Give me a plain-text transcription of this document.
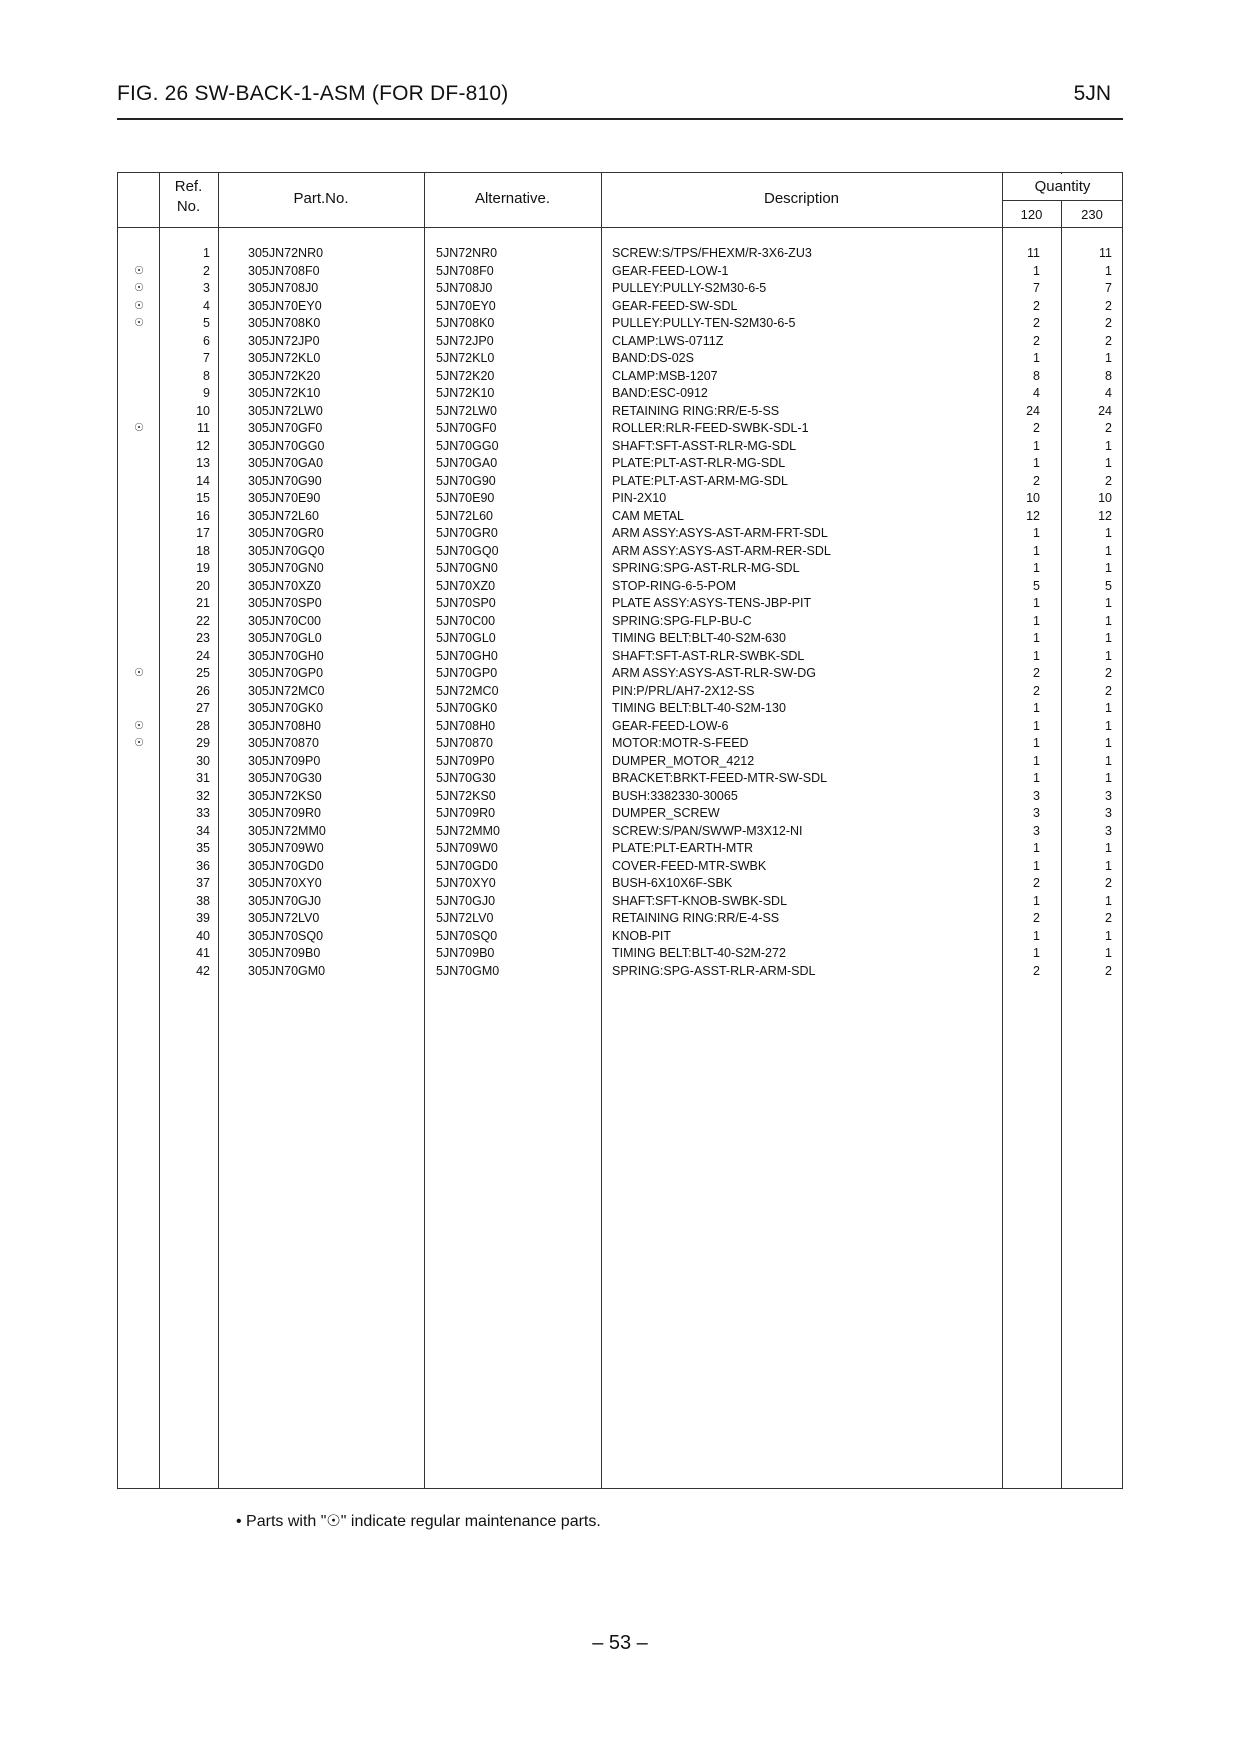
FIG. 26 SW-BACK-1-ASM (FOR DF-810)	5JN
Ref.
No.	Part.No.	Alternative.	Description
Quantity
120	230
1	305JN72NR0	5JN72NR0	SCREW:S/TPS/FHEXM/R-3X6-ZU3	11	11
☉	2	305JN708F0	5JN708F0	GEAR-FEED-LOW-1	1	1
☉	3	305JN708J0	5JN708J0	PULLEY:PULLY-S2M30-6-5	7	7
☉	4	305JN70EY0	5JN70EY0	GEAR-FEED-SW-SDL	2	2
☉	5	305JN708K0	5JN708K0	PULLEY:PULLY-TEN-S2M30-6-5	2	2
6	305JN72JP0	5JN72JP0	CLAMP:LWS-0711Z	2	2
7	305JN72KL0	5JN72KL0	BAND:DS-02S	1	1
8	305JN72K20	5JN72K20	CLAMP:MSB-1207	8	8
9	305JN72K10	5JN72K10	BAND:ESC-0912	4	4
10	305JN72LW0	5JN72LW0	RETAINING RING:RR/E-5-SS	24	24
☉	11	305JN70GF0	5JN70GF0	ROLLER:RLR-FEED-SWBK-SDL-1	2	2
12	305JN70GG0	5JN70GG0	SHAFT:SFT-ASST-RLR-MG-SDL	1	1
13	305JN70GA0	5JN70GA0	PLATE:PLT-AST-RLR-MG-SDL	1	1
14	305JN70G90	5JN70G90	PLATE:PLT-AST-ARM-MG-SDL	2	2
15	305JN70E90	5JN70E90	PIN-2X10	10	10
16	305JN72L60	5JN72L60	CAM METAL	12	12
17	305JN70GR0	5JN70GR0	ARM ASSY:ASYS-AST-ARM-FRT-SDL	1	1
18	305JN70GQ0	5JN70GQ0	ARM ASSY:ASYS-AST-ARM-RER-SDL	1	1
19	305JN70GN0	5JN70GN0	SPRING:SPG-AST-RLR-MG-SDL	1	1
20	305JN70XZ0	5JN70XZ0	STOP-RING-6-5-POM	5	5
21	305JN70SP0	5JN70SP0	PLATE ASSY:ASYS-TENS-JBP-PIT	1	1
22	305JN70C00	5JN70C00	SPRING:SPG-FLP-BU-C	1	1
23	305JN70GL0	5JN70GL0	TIMING BELT:BLT-40-S2M-630	1	1
24	305JN70GH0	5JN70GH0	SHAFT:SFT-AST-RLR-SWBK-SDL	1	1
☉	25	305JN70GP0	5JN70GP0	ARM ASSY:ASYS-AST-RLR-SW-DG	2	2
26	305JN72MC0	5JN72MC0	PIN:P/PRL/AH7-2X12-SS	2	2
27	305JN70GK0	5JN70GK0	TIMING BELT:BLT-40-S2M-130	1	1
☉	28	305JN708H0	5JN708H0	GEAR-FEED-LOW-6	1	1
☉	29	305JN70870	5JN70870	MOTOR:MOTR-S-FEED	1	1
30	305JN709P0	5JN709P0	DUMPER_MOTOR_4212	1	1
31	305JN70G30	5JN70G30	BRACKET:BRKT-FEED-MTR-SW-SDL	1	1
32	305JN72KS0	5JN72KS0	BUSH:3382330-30065	3	3
33	305JN709R0	5JN709R0	DUMPER_SCREW	3	3
34	305JN72MM0	5JN72MM0	SCREW:S/PAN/SWWP-M3X12-NI	3	3
35	305JN709W0	5JN709W0	PLATE:PLT-EARTH-MTR	1	1
36	305JN70GD0	5JN70GD0	COVER-FEED-MTR-SWBK	1	1
37	305JN70XY0	5JN70XY0	BUSH-6X10X6F-SBK	2	2
38	305JN70GJ0	5JN70GJ0	SHAFT:SFT-KNOB-SWBK-SDL	1	1
39	305JN72LV0	5JN72LV0	RETAINING RING:RR/E-4-SS	2	2
40	305JN70SQ0	5JN70SQ0	KNOB-PIT	1	1
41	305JN709B0	5JN709B0	TIMING BELT:BLT-40-S2M-272	1	1
42	305JN70GM0	5JN70GM0	SPRING:SPG-ASST-RLR-ARM-SDL	2	2
• Parts with "☉" indicate regular maintenance parts.
– 53 –
